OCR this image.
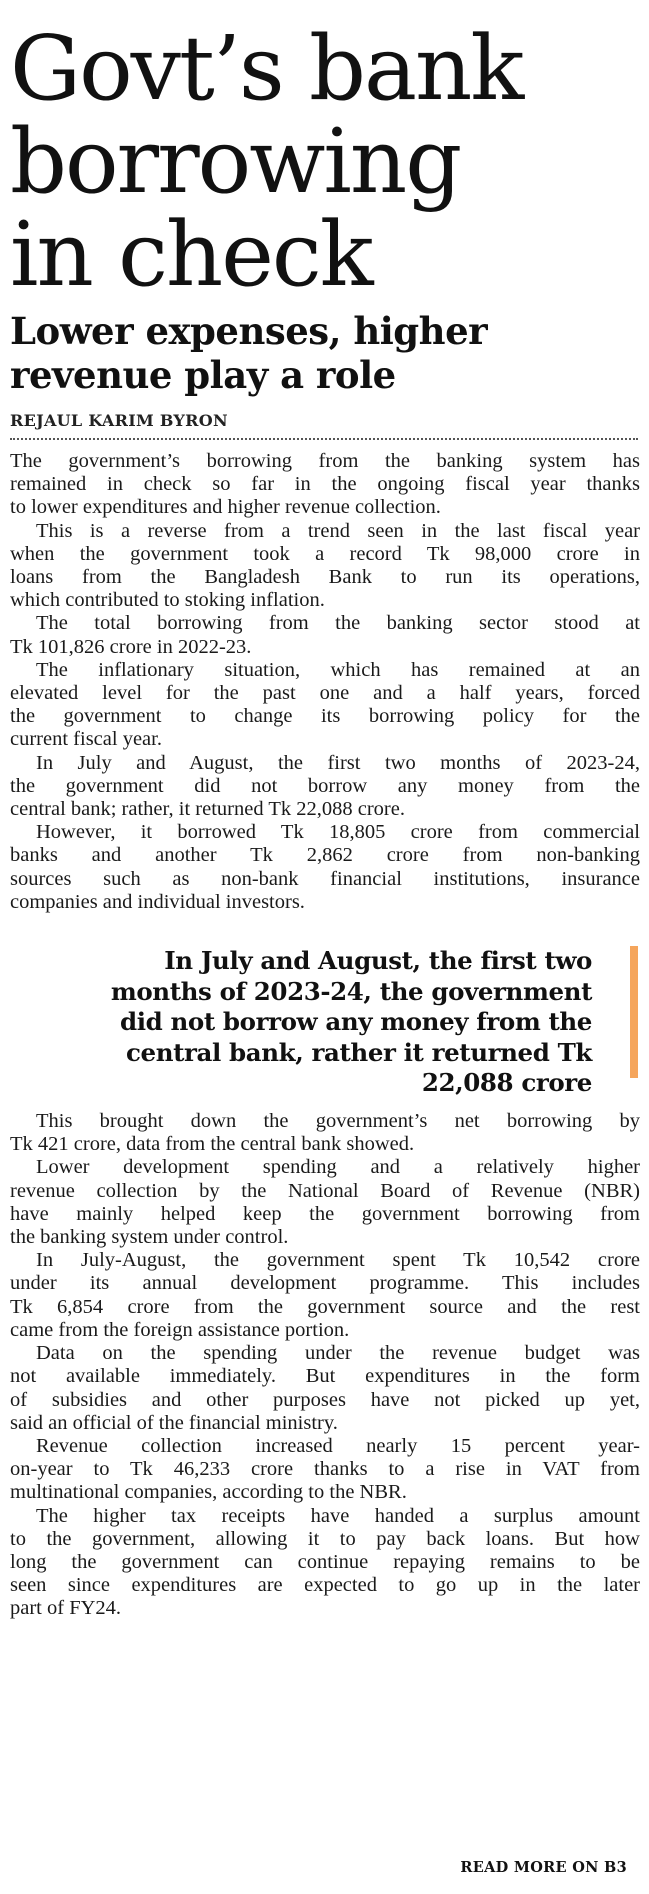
Govt’s bank
borrowing
in check
Lower expenses, higher
revenue play a role
REJAUL KARIM BYRON
The government’s borrowing from the banking system has
remained in check so far in the ongoing fiscal year thanks
to lower expenditures and higher revenue collection.
This is a reverse from a trend seen in the last fiscal year
when the government took a record Tk 98,000 crore in
loans from the Bangladesh Bank to run its operations,
which contributed to stoking inflation.
The total borrowing from the banking sector stood at
Tk 101,826 crore in 2022-23.
The inflationary situation, which has remained at an
elevated level for the past one and a half years, forced
the government to change its borrowing policy for the
current fiscal year.
In July and August, the first two months of 2023-24,
the government did not borrow any money from the
central bank; rather, it returned Tk 22,088 crore.
However, it borrowed Tk 18,805 crore from commercial
banks and another Tk 2,862 crore from non-banking
sources such as non-bank financial institutions, insurance
companies and individual investors.
In July and August, the first two
months of 2023-24, the government
did not borrow any money from the
central bank, rather it returned Tk
22,088 crore
This brought down the government’s net borrowing by
Tk 421 crore, data from the central bank showed.
Lower development spending and a relatively higher
revenue collection by the National Board of Revenue (NBR)
have mainly helped keep the government borrowing from
the banking system under control.
In July-August, the government spent Tk 10,542 crore
under its annual development programme. This includes
Tk 6,854 crore from the government source and the rest
came from the foreign assistance portion.
Data on the spending under the revenue budget was
not available immediately. But expenditures in the form
of subsidies and other purposes have not picked up yet,
said an official of the financial ministry.
Revenue collection increased nearly 15 percent year-
on-year to Tk 46,233 crore thanks to a rise in VAT from
multinational companies, according to the NBR.
The higher tax receipts have handed a surplus amount
to the government, allowing it to pay back loans. But how
long the government can continue repaying remains to be
seen since expenditures are expected to go up in the later
part of FY24.
READ MORE ON B3
